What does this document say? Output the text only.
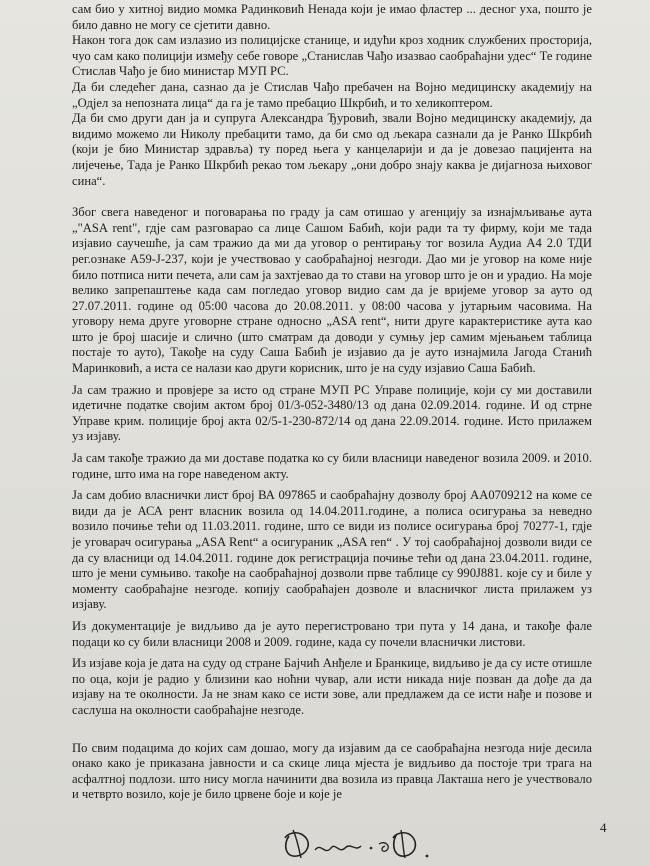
сам био у хитној видио момка Радинковић Ненада који је имао флaстер ... десног уха, пошто је било давно не могу се сјетити давно.

Након тога док сам излазио из полицијске станице, и идући кроз ходник службених просторија, чуо сам како полицији између себе говоре „Станислав Чађо изазвао саобраћајни удес“ Те године Стислав Чађо је био министар МУП РС.

Да би следећег дана, сазнао да је Стислав Чађо пребачен на Војно медицинску академију на „Одјел за непозната лица“ да га је тамо пребацио Шкрбић, и то хеликоптером.

Да би смо други дан ја и супруга Александра Ђуровић, звали Војно медицинску академију, да видимо можемо ли Николу пребацити тамо, да би смо од љекара сазнали да је Ранко Шкрбић (који је био Министар здравља) ту поред њега у канцеларији и да је довезао пацијента на лијечење, Тада је Ранко Шкрбић рекао том љекару „они добро знају каква је дијагноза њиховог сина“.

Због свега наведеног и поговарања по граду ја сам отишао у агенцију за изнајмљивање аута „"ASA rent", гдје сам разговарао са лице Сашом Бабић, који ради та ту фирму, који ме тада изјавио саучешће, ја сам тражио да ми да уговор о рентирању тог возила Аудиа А4 2.0 ТДИ рег.ознаке А59-Ј-237, који је учествовао у саобраћајној незгоди. Дао ми је уговор на коме није било потписа нити печета, али сам ја захтјевао да то стави на уговор што је он и урадио. На моје велико запрепаштење када сам погледао уговор видио сам да је вријеме уговор за ауто од 27.07.2011. године од 05:00 часова до 20.08.2011. у 08:00 часова у јутарњим часовима. На уговору нема друге уговорне стране односно „ASA rent“, нити друге карактеристике аута као што је број шасије и слично (што сматрам да доводи у сумњу јер самим мјењањем таблица постаје то ауто), Такође на суду Саша Бабић је изјавио да је ауто изнајмила Јагода Станић Маринковић, а иста се налази као други корисник, што је на суду изјавио Саша Бабић.

Ја сам тражио и провјере за исто од стране МУП РС Управе полиције, који су ми доставили идетичне податке својим актом број 01/3-052-3480/13 од дана 02.09.2014. године. И од стрне Управе крим. полиције број акта 02/5-1-230-872/14 од дана 22.09.2014. године. Исто прилажем уз изјаву.

Ја сам такође тражио да ми доставе податка ко су били власници наведеног возила 2009. и 2010. године, што има на горе наведеном акту.

Ја сам добио власнички лист број ВА 097865 и саобраћајну дозволу број АА0709212 на коме се види да је АСА рент власник возила од 14.04.2011.године, а полиса осигурања за неведно возило почиње тећи од 11.03.2011. године, што се види из полисе осигурања број 70277-1, гдје је уговарач осигурања „ASA Rent“ а осигураник „ASA ren“ . У тој саобраћајној дозволи види се да су власници од 14.04.2011. године док регистрација почиње тећи од дана 23.04.2011. године, што је мени сумњиво. такође на саобраћајној дозволи прве таблице су 990Ј881. које су и биле у моменту саобраћајне незгоде. копију саобраћајен дозволе и власничког листа прилажем уз изјаву.

Из документације је видљиво да је ауто перегистровано три пута у 14 дана, и такође фале подаци ко су били власници 2008 и 2009. године, када су почели власнички листови.

Из изјаве која је дата на суду од стране Бајчић Анђеле и Бранкице, видљиво је да су исте отишле по оца, који је радио у близини као ноћни чувар, али исти никада није позван да дође да да изјаву на те околности. Ја не знам како се исти зове, али предлажем да се исти нађе и позове и саслуша на околности саобраћајне незгоде.

По свим подацима до којих сам дошао, могу да изјавим да се саобраћајна незгода није десила онако како је приказана јавности и са скице лица мјеста је видљиво да постоје три трага на асфалтној подлози. што нису могла начинити два возила из правца Лакташа него је учествовало и четврто возило, које је било црвене боје и које је

4
